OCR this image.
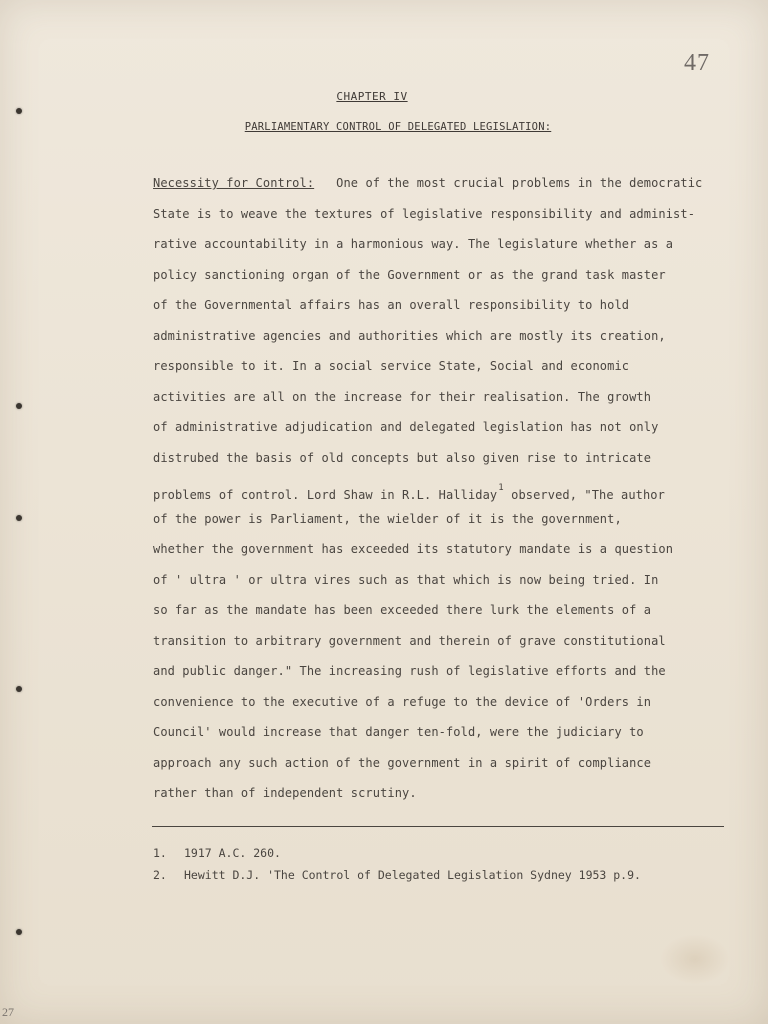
47
CHAPTER IV
PARLIAMENTARY CONTROL OF DELEGATED LEGISLATION:
Necessity for Control: One of the most crucial problems in the democratic
State is to weave the textures of legislative responsibility and administ-
rative accountability in a harmonious way. The legislature whether as a
policy sanctioning organ of the Government or as the grand task master
of the Governmental affairs has an overall responsibility to hold
administrative agencies and authorities which are mostly its creation,
responsible to it. In a social service State, Social and economic
activities are all on the increase for their realisation. The growth
of administrative adjudication and delegated legislation has not only
distrubed the basis of old concepts but also given rise to intricate
problems of control. Lord Shaw in R.L. Halliday$^1$ observed, "The author
of the power is Parliament, the wielder of it is the government,
whether the government has exceeded its statutory mandate is a question
of ' ultra ' or ultra vires such as that which is now being tried. In
so far as the mandate has been exceeded there lurk the elements of a
transition to arbitrary government and therein of grave constitutional
and public danger." The increasing rush of legislative efforts and the
convenience to the executive of a refuge to the device of 'Orders in
Council' would increase that danger ten-fold, were the judiciary to
approach any such action of the government in a spirit of compliance
rather than of independent scrutiny.
1. 1917 A.C. 260.
2. Hewitt D.J. 'The Control of Delegated Legislation Sydney 1953 p.9.
27
